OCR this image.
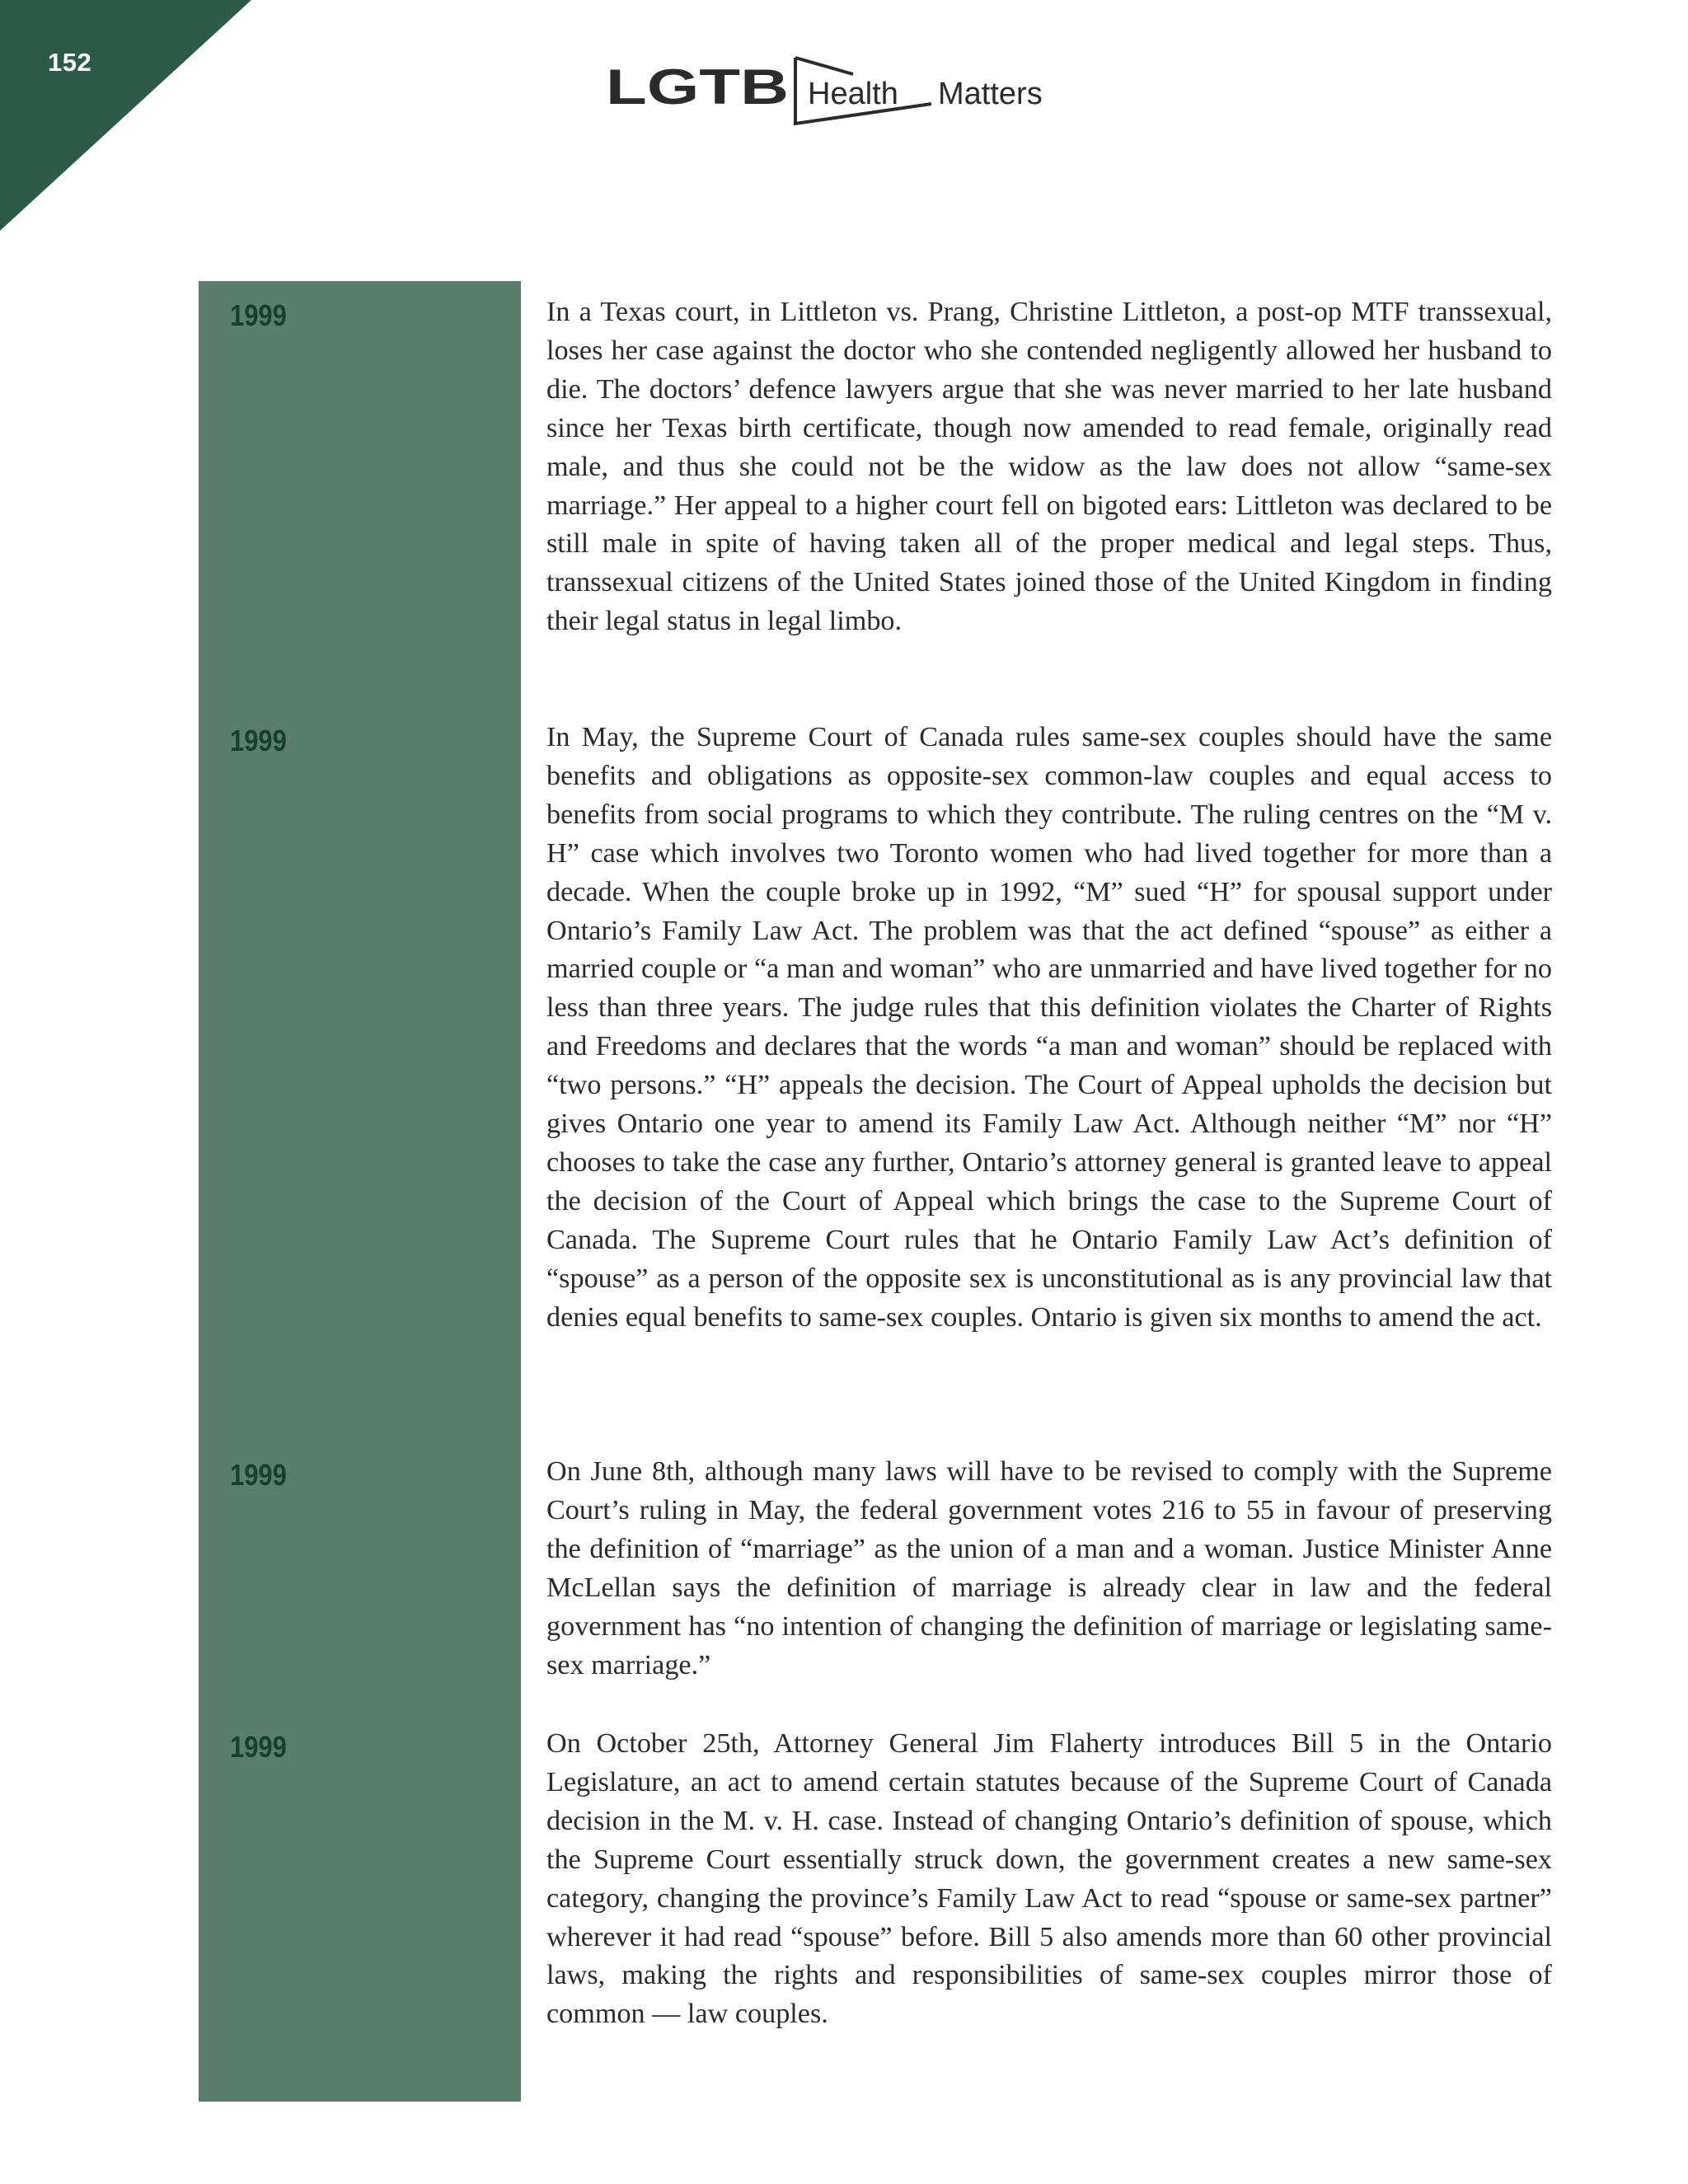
152	LGTB Health Matters
1999	In a Texas court, in Littleton vs. Prang, Christine Littleton, a post-op MTF transsexual, loses her case against the doctor who she contended negligently allowed her husband to die. The doctors’ defence lawyers argue that she was never married to her late husband since her Texas birth certificate, though now amended to read female, originally read male, and thus she could not be the widow as the law does not allow “same-sex marriage.” Her appeal to a higher court fell on bigoted ears: Littleton was declared to be still male in spite of having taken all of the proper medical and legal steps. Thus, transsexual citizens of the United States joined those of the United Kingdom in finding their legal status in legal limbo.

1999	In May, the Supreme Court of Canada rules same-sex couples should have the same benefits and obligations as opposite-sex common-law couples and equal access to benefits from social programs to which they contribute. The ruling centres on the “M v. H” case which involves two Toronto women who had lived together for more than a decade. When the couple broke up in 1992, “M” sued “H” for spousal support under Ontario’s Family Law Act. The problem was that the act defined “spouse” as either a married couple or “a man and woman” who are unmarried and have lived together for no less than three years. The judge rules that this definition violates the Charter of Rights and Freedoms and declares that the words “a man and woman” should be replaced with “two persons.” “H” appeals the decision. The Court of Appeal upholds the decision but gives Ontario one year to amend its Family Law Act. Although neither “M” nor “H” chooses to take the case any further, Ontario’s attorney general is granted leave to appeal the decision of the Court of Appeal which brings the case to the Supreme Court of Canada. The Supreme Court rules that he Ontario Family Law Act’s definition of “spouse” as a person of the opposite sex is unconstitutional as is any provincial law that denies equal benefits to same-sex couples. Ontario is given six months to amend the act.

1999	On June 8th, although many laws will have to be revised to comply with the Supreme Court’s ruling in May, the federal government votes 216 to 55 in favour of preserving the definition of “marriage” as the union of a man and a woman. Justice Minister Anne McLellan says the definition of marriage is already clear in law and the federal government has “no intention of changing the definition of marriage or legislating same-sex marriage.”

1999	On October 25th, Attorney General Jim Flaherty introduces Bill 5 in the Ontario Legislature, an act to amend certain statutes because of the Supreme Court of Canada decision in the M. v. H. case. Instead of changing Ontario’s definition of spouse, which the Supreme Court essentially struck down, the government creates a new same-sex category, changing the province’s Family Law Act to read “spouse or same-sex partner” wherever it had read “spouse” before. Bill 5 also amends more than 60 other provincial laws, making the rights and responsibilities of same-sex couples mirror those of common — law couples.
